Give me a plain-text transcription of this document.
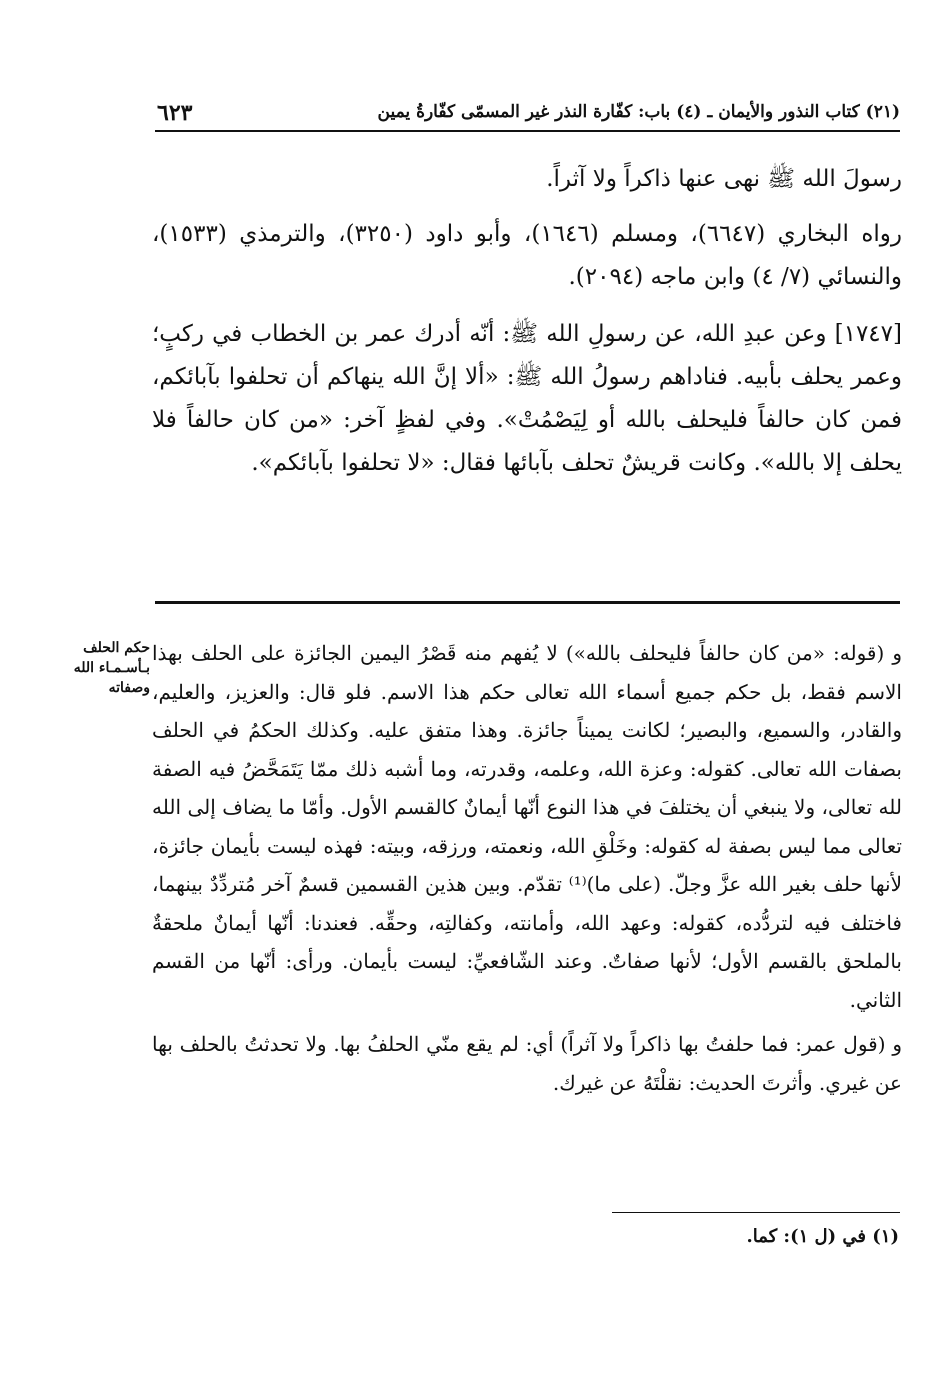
٦٢٣	(٢١) كتاب النذور والأيمان ـ (٤) باب: كفّارة النذر غير المسمّى كفّارةُ يمين

رسولَ الله ﷺ نهى عنها ذاكراً ولا آثراً.

رواه البخاري (٦٦٤٧)، ومسلم (١٦٤٦)، وأبو داود (٣٢٥٠)، والترمذي (١٥٣٣)، والنسائي (٧/ ٤) وابن ماجه (٢٠٩٤).

[١٧٤٧] وعن عبدِ الله، عن رسولِ الله ﷺ: أنّه أدرك عمر بن الخطاب في ركبٍ؛ وعمر يحلف بأبيه. فناداهم رسولُ الله ﷺ: «ألا إنَّ الله ينهاكم أن تحلفوا بآبائكم، فمن كان حالفاً فليحلف بالله أو لِيَصْمُتْ». وفي لفظٍ آخر: «من كان حالفاً فلا يحلف إلا بالله». وكانت قريشٌ تحلف بآبائها فقال: «لا تحلفوا بآبائكم».

حكم الحلف
بـأسـمـاء الله
وصفاته

و (قوله: «من كان حالفاً فليحلف بالله») لا يُفهم منه قَصْرُ اليمين الجائزة على الحلف بهذا الاسم فقط، بل حكم جميع أسماء الله تعالى حكم هذا الاسم. فلو قال: والعزيز، والعليم، والقادر، والسميع، والبصير؛ لكانت يميناً جائزة. وهذا متفق عليه. وكذلك الحكمُ في الحلف بصفات الله تعالى. كقوله: وعزة الله، وعلمه، وقدرته، وما أشبه ذلك ممّا يَتَمَحَّضُ فيه الصفة لله تعالى، ولا ينبغي أن يختلفَ في هذا النوع أنّها أيمانٌ كالقسم الأول. وأمّا ما يضاف إلى الله تعالى مما ليس بصفة له كقوله: وخَلْقِ الله، ونعمته، ورزقه، وبيته: فهذه ليست بأيمان جائزة، لأنها حلف بغير الله عزَّ وجلّ. (على ما)⁽¹⁾ تقدّم. وبين هذين القسمين قسمٌ آخر مُتردِّدٌ بينهما، فاختلف فيه لتردُّده، كقوله: وعهد الله، وأمانته، وكفالتِه، وحقِّه. فعندنا: أنّها أيمانٌ ملحقةٌ بالملحق بالقسم الأول؛ لأنها صفاتٌ. وعند الشّافعيِّ: ليست بأيمان. ورأى: أنّها من القسم الثاني.

و (قول عمر: فما حلفتُ بها ذاكراً ولا آثراً) أي: لم يقع منّي الحلفُ بها. ولا تحدثتُ بالحلف بها عن غيري. وأثرتَ الحديث: نقلْتَهُ عن غيرك.

(١) في (ل ١): كما.
